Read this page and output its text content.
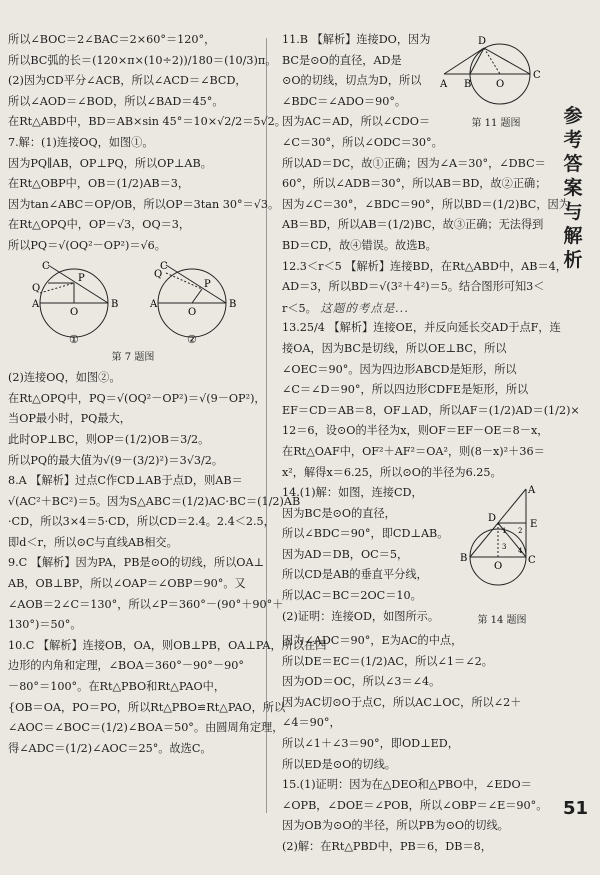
所以∠BOC＝2∠BAC＝2×60°＝120°，
所以BC弧的长＝(120×π×(10÷2))/180＝(10/3)π。
(2)因为CD平分∠ACB，所以∠ACD＝∠BCD，
所以∠AOD＝∠BOD，所以∠BAD＝45°。
在Rt△ABD中，BD＝AB×sin 45°＝10×√2/2＝5√2。
7.解：(1)连接OQ，如图①。
因为PQ∥AB，OP⊥PQ，所以OP⊥AB。
在Rt△OBP中，OB＝(1/2)AB＝3，
因为tan∠ABC＝OP/OB，所以OP＝3tan 30°＝√3。
在Rt△OPQ中，OP＝√3，OQ＝3，
所以PQ＝√(OQ²－OP²)＝√6。
C
P
A
Q
O
B
C
P
A
Q
O
B
①	②
第 7 题图
(2)连接OQ，如图②。
在Rt△OPQ中，PQ＝√(OQ²－OP²)＝√(9－OP²)，
当OP最小时，PQ最大，
此时OP⊥BC，则OP＝(1/2)OB＝3/2。
所以PQ的最大值为√(9－(3/2)²)＝3√3/2。
8.A 【解析】过点C作CD⊥AB于点D，则AB＝
√(AC²＋BC²)＝5。因为S△ABC＝(1/2)AC·BC＝(1/2)AB
·CD，所以3×4＝5·CD，所以CD＝2.4。2.4＜2.5，
即d＜r，所以⊙C与直线AB相交。
9.C 【解析】因为PA，PB是⊙O的切线，所以OA⊥
AB，OB⊥BP，所以∠OAP＝∠OBP＝90°。又
∠AOB＝2∠C＝130°，所以∠P＝360°－(90°＋90°＋
130°)＝50°。
10.C 【解析】连接OB，OA，则OB⊥PB，OA⊥PA，所以在四
边形的内角和定理，∠BOA＝360°－90°－90°
－80°＝100°。在Rt△PBO和Rt△PAO中，
{OB＝OA，PO＝PO，所以Rt△PBO≌Rt△PAO，所以
∠AOC＝∠BOC＝(1/2)∠BOA＝50°。由圆周角定理，
得∠ADC＝(1/2)∠AOC＝25°。故选C。
11.B 【解析】连接DO，因为
BC是⊙O的直径，AD是
⊙O的切线，切点为D，所以
∠BDC＝∠ADO＝90°。
因为AC＝AD，所以∠CDO＝
D
A B O
C
第 11 题图
∠C＝30°，所以∠ODC＝30°。
所以AD＝DC，故①正确；因为∠A＝30°，∠DBC＝
60°，所以∠ADB＝30°，所以AB＝BD，故②正确；
因为∠C＝30°，∠BDC＝90°，所以BD＝(1/2)BC，因为
AB＝BD，所以AB＝(1/2)BC，故③正确；无法得到
BD＝CD，故④错误。故选B。
12.3＜r＜5 【解析】连接BD，在Rt△ABD中，AB＝4，
AD＝3，所以BD＝√(3²＋4²)＝5。结合图形可知3＜
r＜5。 这题的考点是...
13.25/4 【解析】连接OE，并反向延长交AD于点F，连
接OA，因为BC是切线，所以OE⊥BC，所以
∠OEC＝90°。因为四边形ABCD是矩形，所以
∠C＝∠D＝90°，所以四边形CDFE是矩形，所以
EF＝CD＝AB＝8，OF⊥AD，所以AF＝(1/2)AD＝(1/2)×
12＝6，设⊙O的半径为x，则OF＝EF－OE＝8－x，
在Rt△OAF中，OF²＋AF²＝OA²，则(8－x)²＋36＝
x²，解得x＝6.25，所以⊙O的半径为6.25。
14.(1)解：如图，连接CD，
因为BC是⊙O的直径，
所以∠BDC＝90°，即CD⊥AB。
因为AD＝DB，OC＝5，
所以CD是AB的垂直平分线，
所以AC＝BC＝2OC＝10。
(2)证明：连接OD，如图所示。
A
D
E
O
B	C
1 2
3 4
第 14 题图
因为∠ADC＝90°，E为AC的中点，
所以DE＝EC＝(1/2)AC，所以∠1＝∠2。
因为OD＝OC，所以∠3＝∠4。
因为AC切⊙O于点C，所以AC⊥OC，所以∠2＋
∠4＝90°，
所以∠1＋∠3＝90°，即OD⊥ED，
所以ED是⊙O的切线。
15.(1)证明：因为在△DEO和△PBO中，∠EDO＝
∠OPB，∠DOE＝∠POB，所以∠OBP＝∠E＝90°。
因为OB为⊙O的半径，所以PB为⊙O的切线。
(2)解：在Rt△PBD中，PB＝6，DB＝8，
参
考
答
案
与
解
析
51
